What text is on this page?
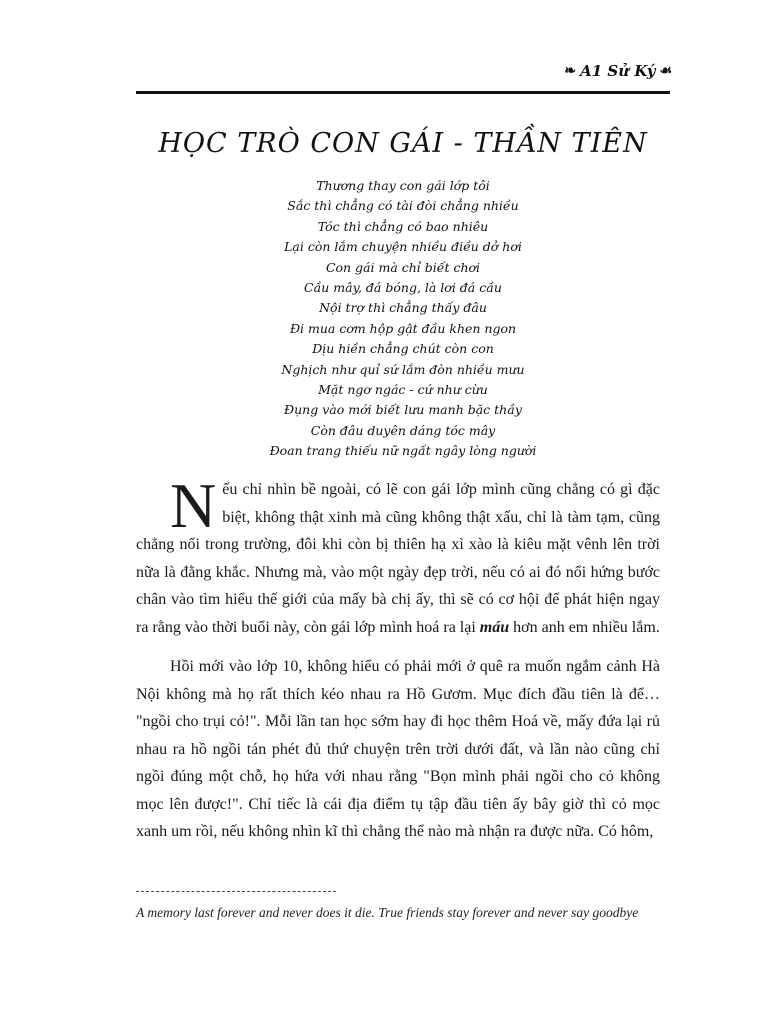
❧ A1 Sử Ký ☙
HỌC TRÒ CON GÁI - THẦN TIÊN
Thương thay con gái lớp tôi
Sắc thì chẳng có tài đòi chẳng nhiều
Tóc thì chẳng có bao nhiêu
Lại còn lắm chuyện nhiều điều dở hơi
Con gái mà chỉ biết chơi
Cầu mây, đá bóng, là lơi đá cầu
Nội trợ thì chẳng thấy đâu
Đi mua cơm hộp gật đầu khen ngon
Dịu hiền chẳng chút còn con
Nghịch như quỉ sứ lắm đòn nhiều mưu
Mặt ngơ ngác - cứ như cừu
Đụng vào mới biết lưu manh bặc thầy
Còn đâu duyên dáng tóc mây
Đoan trang thiếu nữ ngất ngây lòng người

Nếu chỉ nhìn bề ngoài, có lẽ con gái lớp mình cũng chẳng có gì đặc biệt, không thật xinh mà cũng không thật xấu, chỉ là tàm tạm, cũng chẳng nổi trong trường, đôi khi còn bị thiên hạ xì xào là kiêu mặt vênh lên trời nữa là đằng khắc. Nhưng mà, vào một ngày đẹp trời, nếu có ai đó nổi hứng bước chân vào tìm hiểu thế giới của mấy bà chị ấy, thì sẽ có cơ hội để phát hiện ngay ra rằng vào thời buổi này, còn gái lớp mình hoá ra lại máu hơn anh em nhiều lắm.

Hồi mới vào lớp 10, không hiểu có phải mới ở quê ra muốn ngắm cảnh Hà Nội không mà họ rất thích kéo nhau ra Hồ Gươm. Mục đích đầu tiên là để… "ngồi cho trụi cỏ!". Mỗi lần tan học sớm hay đi học thêm Hoá về, mấy đứa lại rủ nhau ra hồ ngồi tán phét đủ thứ chuyện trên trời dưới đất, và lần nào cũng chỉ ngồi đúng một chỗ, họ hứa với nhau rằng "Bọn mình phải ngồi cho cỏ không mọc lên được!". Chỉ tiếc là cái địa điểm tụ tập đầu tiên ấy bây giờ thì cỏ mọc xanh um rồi, nếu không nhìn kĩ thì chẳng thể nào mà nhận ra được nữa. Có hôm,

A memory last forever and never does it die. True friends stay forever and never say goodbye
